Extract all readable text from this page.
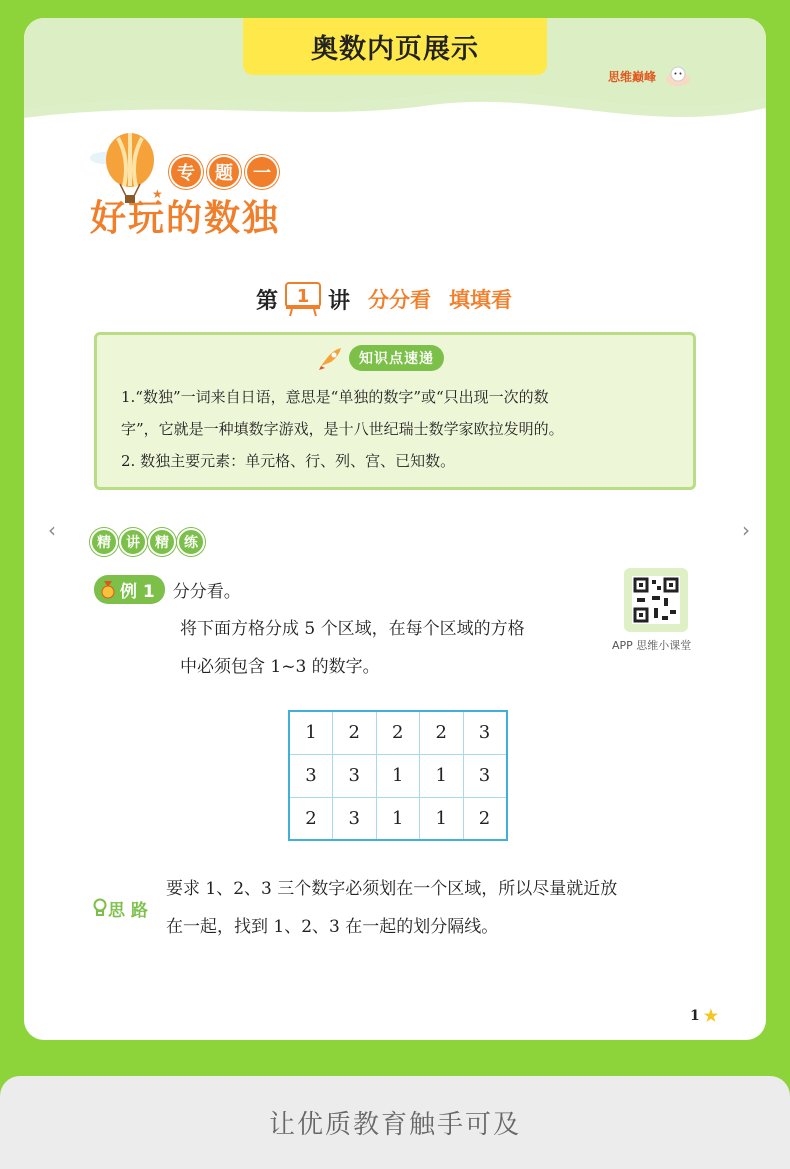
奥数内页展示
思维巅峰
★
专	题	一
好玩的数独
第 1 讲 分分看 填填看
知识点速递

1.“数独”一词来自日语，意思是“单独的数字”或“只出现一次的数

字”，它就是一种填数字游戏，是十八世纪瑞士数学家欧拉发明的。

2. 数独主要元素：单元格、行、列、宫、已知数。

精	讲	精	练
例 1 分分看。
将下面方格分成 5 个区域，在每个区域的方格
中必须包含 1~3 的数字。
APP 思维小课堂
1	2	2	2	3
3	3	1	1	3
2	3	1	1	2
思 路
要求 1、2、3 三个数字必须划在一个区域，所以尽量就近放
在一起，找到 1、2、3 在一起的划分隔线。
1 ★
‹	›
让优质教育触手可及
